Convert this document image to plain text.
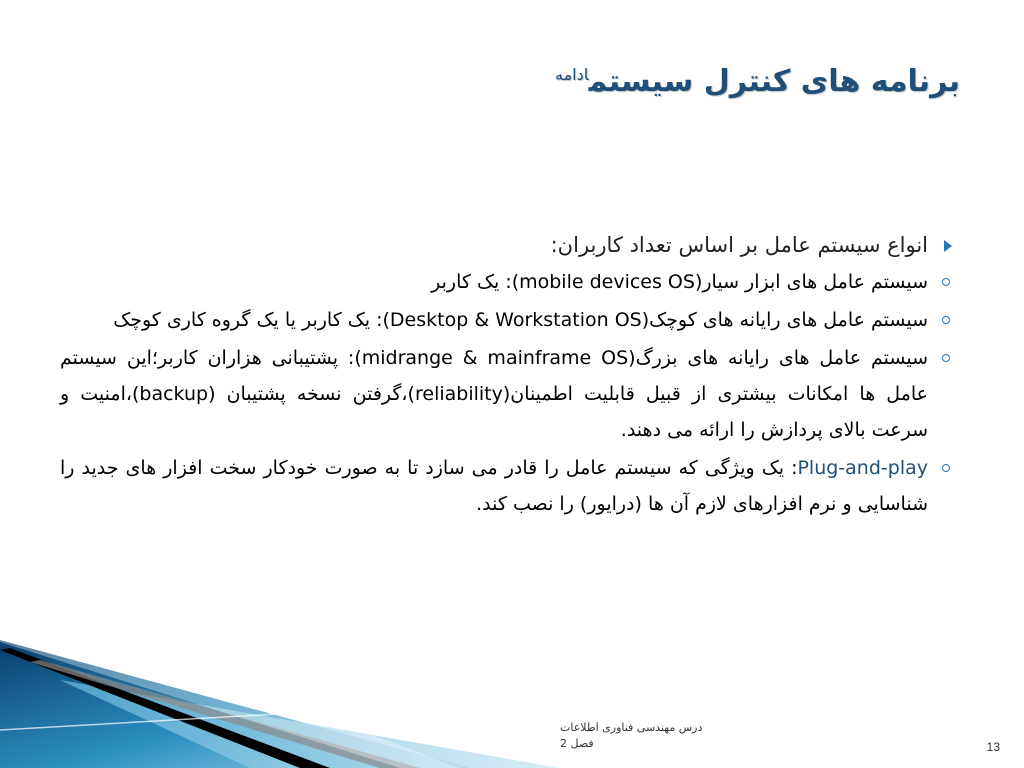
برنامه های کنترل سیستم$^{ادامه}$
انواع سیستم عامل بر اساس تعداد کاربران:
سیستم عامل های ابزار سیار(mobile devices OS): یک کاربر
سیستم عامل های رایانه های کوچک(Desktop & Workstation OS): یک کاربر یا یک گروه کاری کوچک
سیستم عامل های رایانه های بزرگ(midrange & mainframe OS): پشتیبانی هزاران کاربر؛این سیستم عامل ها امکانات بیشتری از قبیل قابلیت اطمینان(reliability)،گرفتن نسخه پشتیبان (backup)،امنیت و سرعت بالای پردازش را ارائه می دهند.
Plug-and-play: یک ویژگی که سیستم عامل را قادر می سازد تا به صورت خودکار سخت افزار های جدید را شناسایی و نرم افزارهای لازم آن ها (درایور) را نصب کند.
درس مهندسی فناوری اطلاعات
فصل 2	13
